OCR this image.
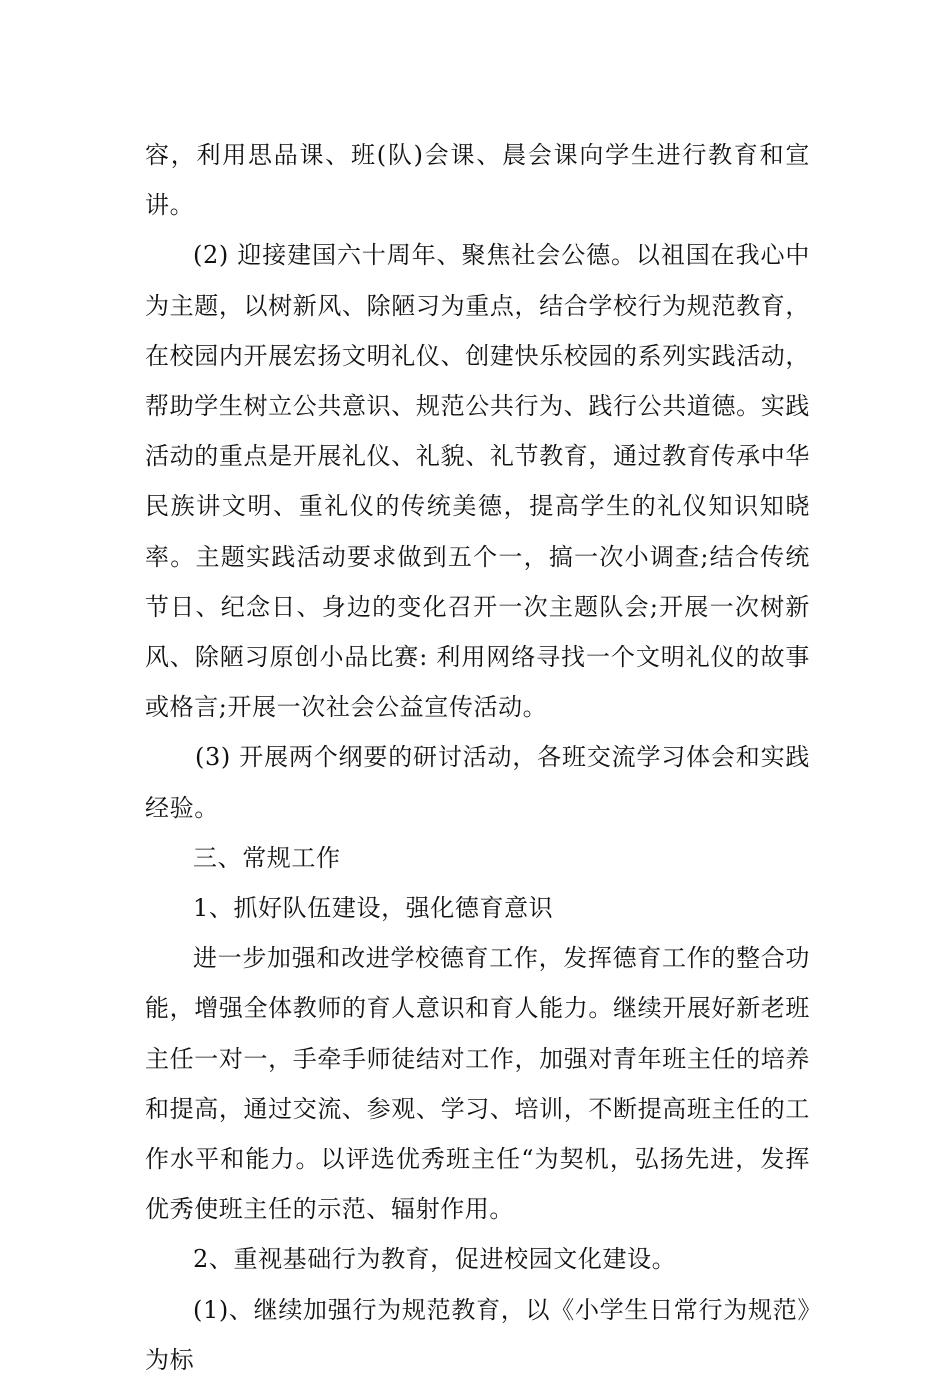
容，利用思品课、班(队)会课、晨会课向学生进行教育和宣讲。

(2) 迎接建国六十周年、聚焦社会公德。以祖国在我心中为主题，以树新风、除陋习为重点，结合学校行为规范教育，在校园内开展宏扬文明礼仪、创建快乐校园的系列实践活动，帮助学生树立公共意识、规范公共行为、践行公共道德。实践活动的重点是开展礼仪、礼貌、礼节教育，通过教育传承中华民族讲文明、重礼仪的传统美德，提高学生的礼仪知识知晓率。主题实践活动要求做到五个一，搞一次小调查;结合传统节日、纪念日、身边的变化召开一次主题队会;开展一次树新风、除陋习原创小品比赛: 利用网络寻找一个文明礼仪的故事或格言;开展一次社会公益宣传活动。

(3) 开展两个纲要的研讨活动，各班交流学习体会和实践经验。

三、常规工作

1、抓好队伍建设，强化德育意识

进一步加强和改进学校德育工作，发挥德育工作的整合功能，增强全体教师的育人意识和育人能力。继续开展好新老班主任一对一，手牵手师徒结对工作，加强对青年班主任的培养和提高，通过交流、参观、学习、培训，不断提高班主任的工作水平和能力。以评选优秀班主任“为契机，弘扬先进，发挥优秀使班主任的示范、辐射作用。

2、重视基础行为教育，促进校园文化建设。

(1)、继续加强行为规范教育，以《小学生日常行为规范》为标
